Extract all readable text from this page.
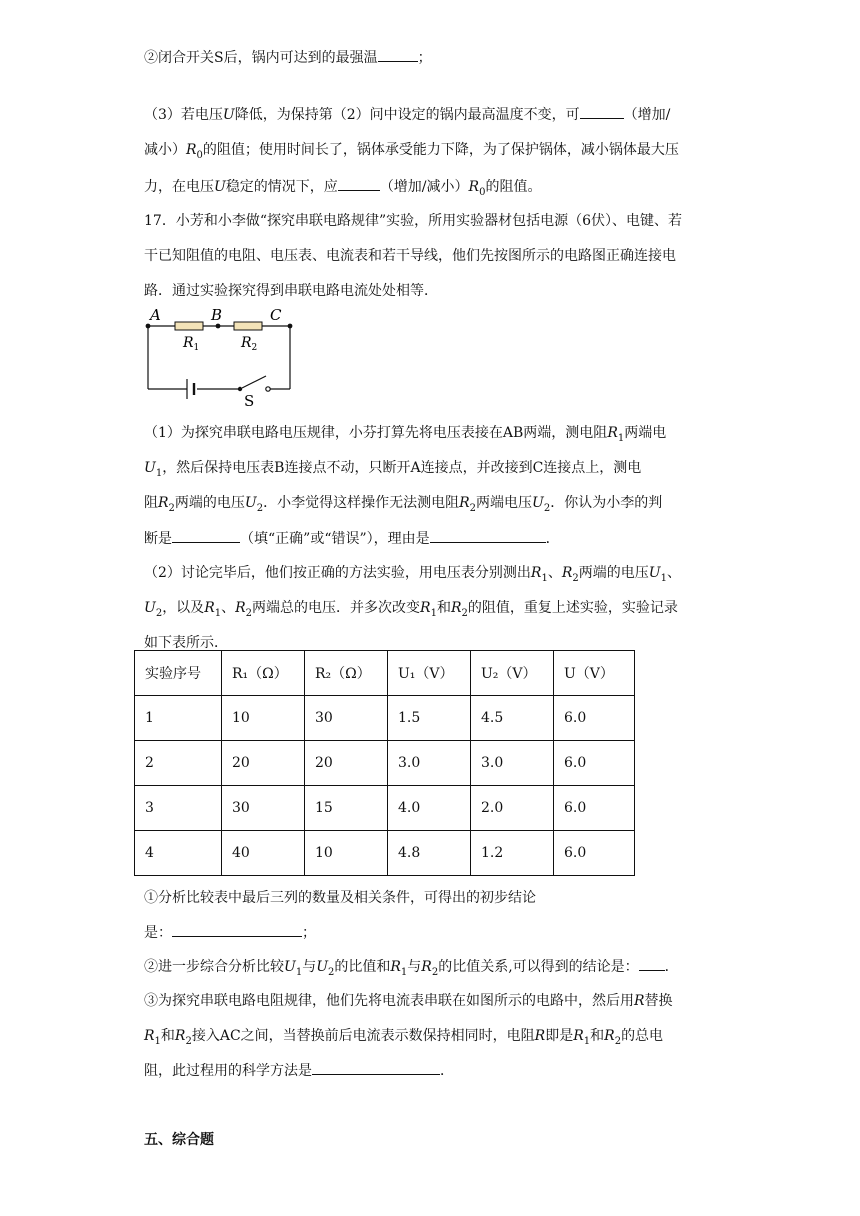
②闭合开关S后，锅内可达到的最强温	；
（3）若电压U降低，为保持第（2）问中设定的锅内最高温度不变，可	（增加/
减小）$R_0$的阻值；使用时间长了，锅体承受能力下降，为了保护锅体，减小锅体最大压
力，在电压U稳定的情况下，应	（增加/减小）$R_0$的阻值。
17．小芳和小李做“探究串联电路规律”实验，所用实验器材包括电源（6伏）、电键、若
干已知阻值的电阻、电压表、电流表和若干导线，他们先按图所示的电路图正确连接电
路．通过实验探究得到串联电路电流处处相等．
A	B	C
$R_1$	$R_2$
S
（1）为探究串联电路电压规律，小芬打算先将电压表接在AB两端，测电阻$R_1$两端电
$U_1$，然后保持电压表B连接点不动，只断开A连接点，并改接到C连接点上，测电
阻$R_2$两端的电压$U_2$．小李觉得这样操作无法测电阻$R_2$两端电压$U_2$．你认为小李的判
断是	（填“正确”或“错误”），理由是	．
（2）讨论完毕后，他们按正确的方法实验，用电压表分别测出$R_1$、$R_2$两端的电压$U_1$、
$U_2$，以及$R_1$、$R_2$两端总的电压．并多次改变$R_1$和$R_2$的阻值，重复上述实验，实验记录
如下表所示．
实验序号	R₁（Ω）	R₂（Ω）	U₁（V）	U₂（V）	U（V）
1	10	30	1.5	4.5	6.0
2	20	20	3.0	3.0	6.0
3	30	15	4.0	2.0	6.0
4	40	10	4.8	1.2	6.0
①分析比较表中最后三列的数量及相关条件，可得出的初步结论
是：	；
②进一步综合分析比较$U_1$与$U_2$的比值和$R_1$与$R_2$的比值关系,可以得到的结论是： ．
③为探究串联电路电阻规律，他们先将电流表串联在如图所示的电路中，然后用R替换
$R_1$和$R_2$接入AC之间，当替换前后电流表示数保持相同时，电阻R即是$R_1$和$R_2$的总电
阻，此过程用的科学方法是	．
五、综合题
